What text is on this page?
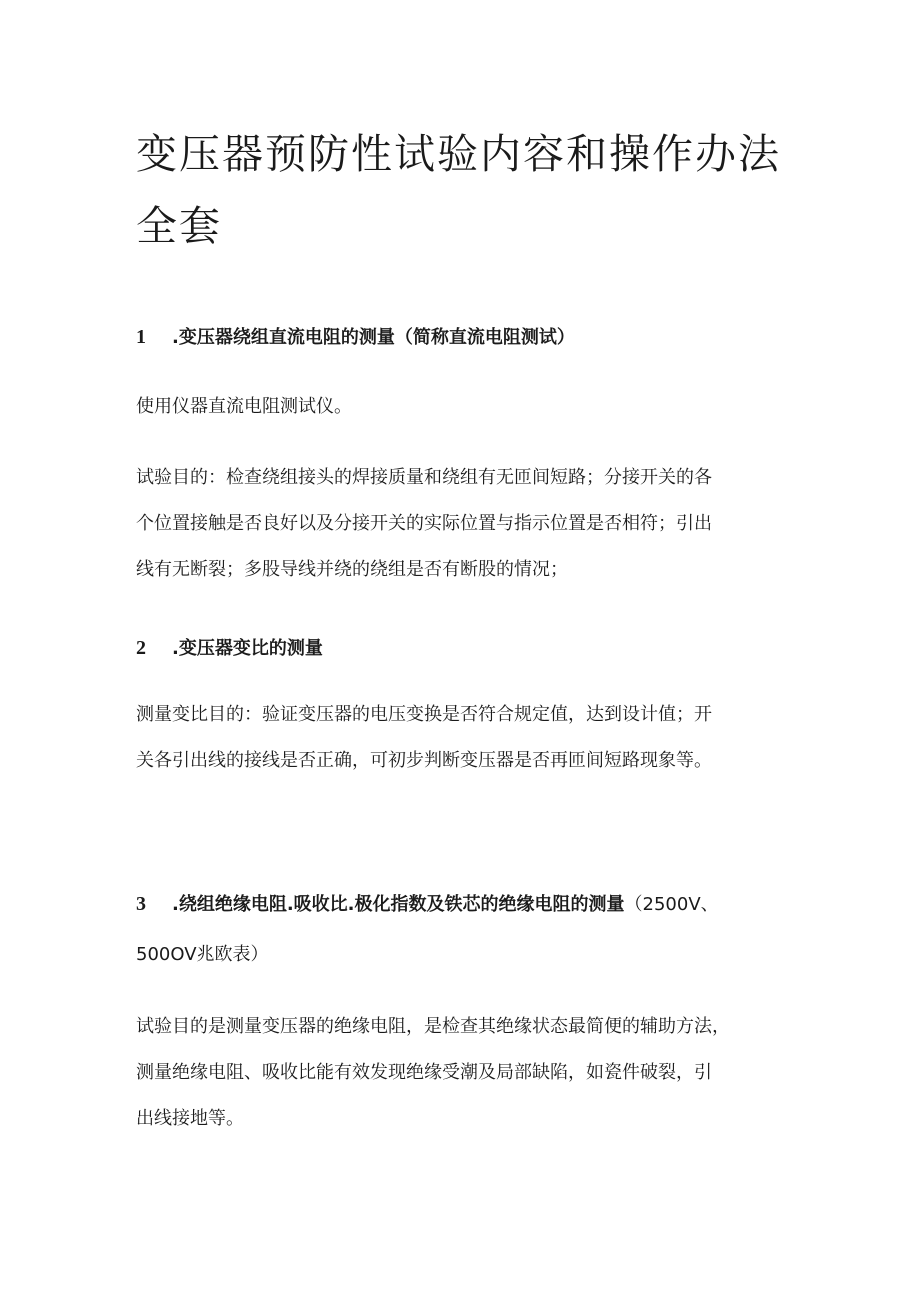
变压器预防性试验内容和操作办法
全套
1 .变压器绕组直流电阻的测量（简称直流电阻测试）

使用仪器直流电阻测试仪。

试验目的：检查绕组接头的焊接质量和绕组有无匝间短路；分接开关的各
个位置接触是否良好以及分接开关的实际位置与指示位置是否相符；引出
线有无断裂；多股导线并绕的绕组是否有断股的情况；

2 .变压器变比的测量

测量变比目的：验证变压器的电压变换是否符合规定值，达到设计值；开
关各引出线的接线是否正确，可初步判断变压器是否再匝间短路现象等。

3 .绕组绝缘电阻.吸收比.极化指数及铁芯的绝缘电阻的测量（2500V、
500OV兆欧表）

试验目的是测量变压器的绝缘电阻，是检查其绝缘状态最简便的辅助方法，
测量绝缘电阻、吸收比能有效发现绝缘受潮及局部缺陷，如瓷件破裂，引
出线接地等。
